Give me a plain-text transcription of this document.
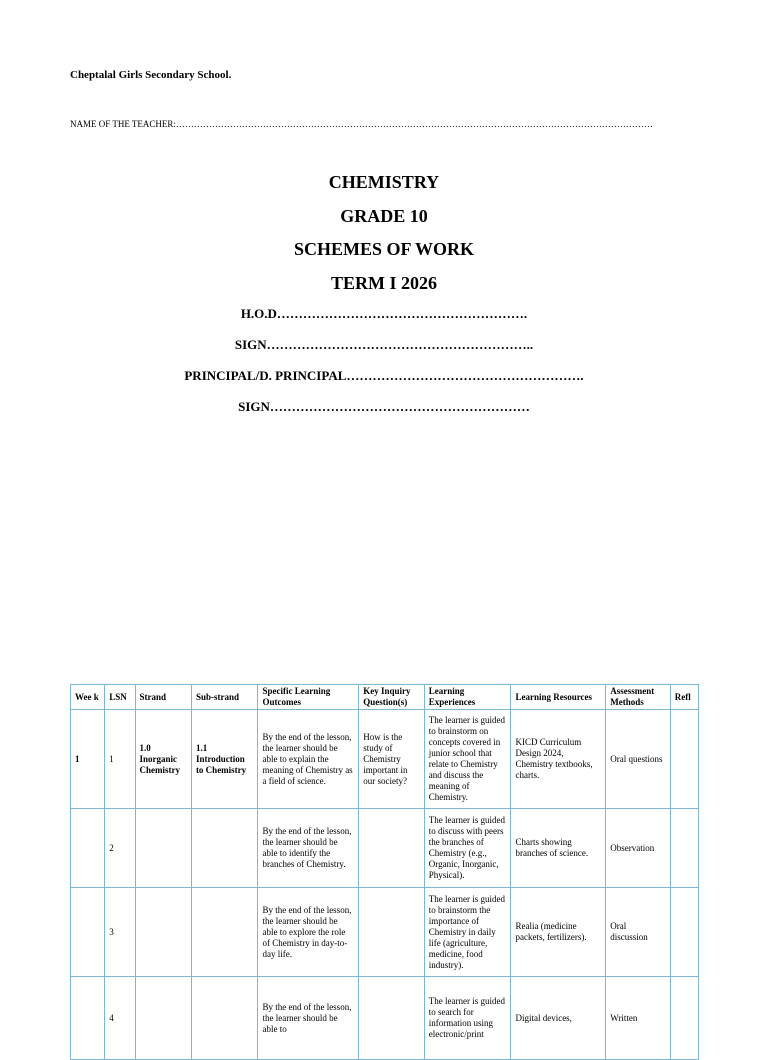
Cheptalal Girls Secondary School.
NAME OF THE TEACHER:……………………………………………………………………………………………………………………………………………
CHEMISTRY
GRADE 10
SCHEMES OF WORK
TERM I 2026
H.O.D………………………………………………….
SIGN……………………………………………………..
PRINCIPAL/D. PRINCIPAL……………………………………………….
SIGN……………………………………………………
Wee k	LSN	Strand	Sub-strand	Specific Learning Outcomes	Key Inquiry Question(s)	Learning Experiences	Learning Resources	Assessment Methods	Refl
1	1	1.0 Inorganic Chemistry	1.1 Introduction to Chemistry	By the end of the lesson, the learner should be able to explain the meaning of Chemistry as a field of science.	How is the study of Chemistry important in our society?	The learner is guided to brainstorm on concepts covered in junior school that relate to Chemistry and discuss the meaning of Chemistry.	KICD Curriculum Design 2024, Chemistry textbooks, charts.	Oral questions	
	2			By the end of the lesson, the learner should be able to identify the branches of Chemistry.		The learner is guided to discuss with peers the branches of Chemistry (e.g., Organic, Inorganic, Physical).	Charts showing branches of science.	Observation	
	3			By the end of the lesson, the learner should be able to explore the role of Chemistry in day-to-day life.		The learner is guided to brainstorm the importance of Chemistry in daily life (agriculture, medicine, food industry).	Realia (medicine packets, fertilizers).	Oral discussion	
	4			By the end of the lesson, the learner should be able to		The learner is guided to search for information using electronic/print	Digital devices,	Written	
